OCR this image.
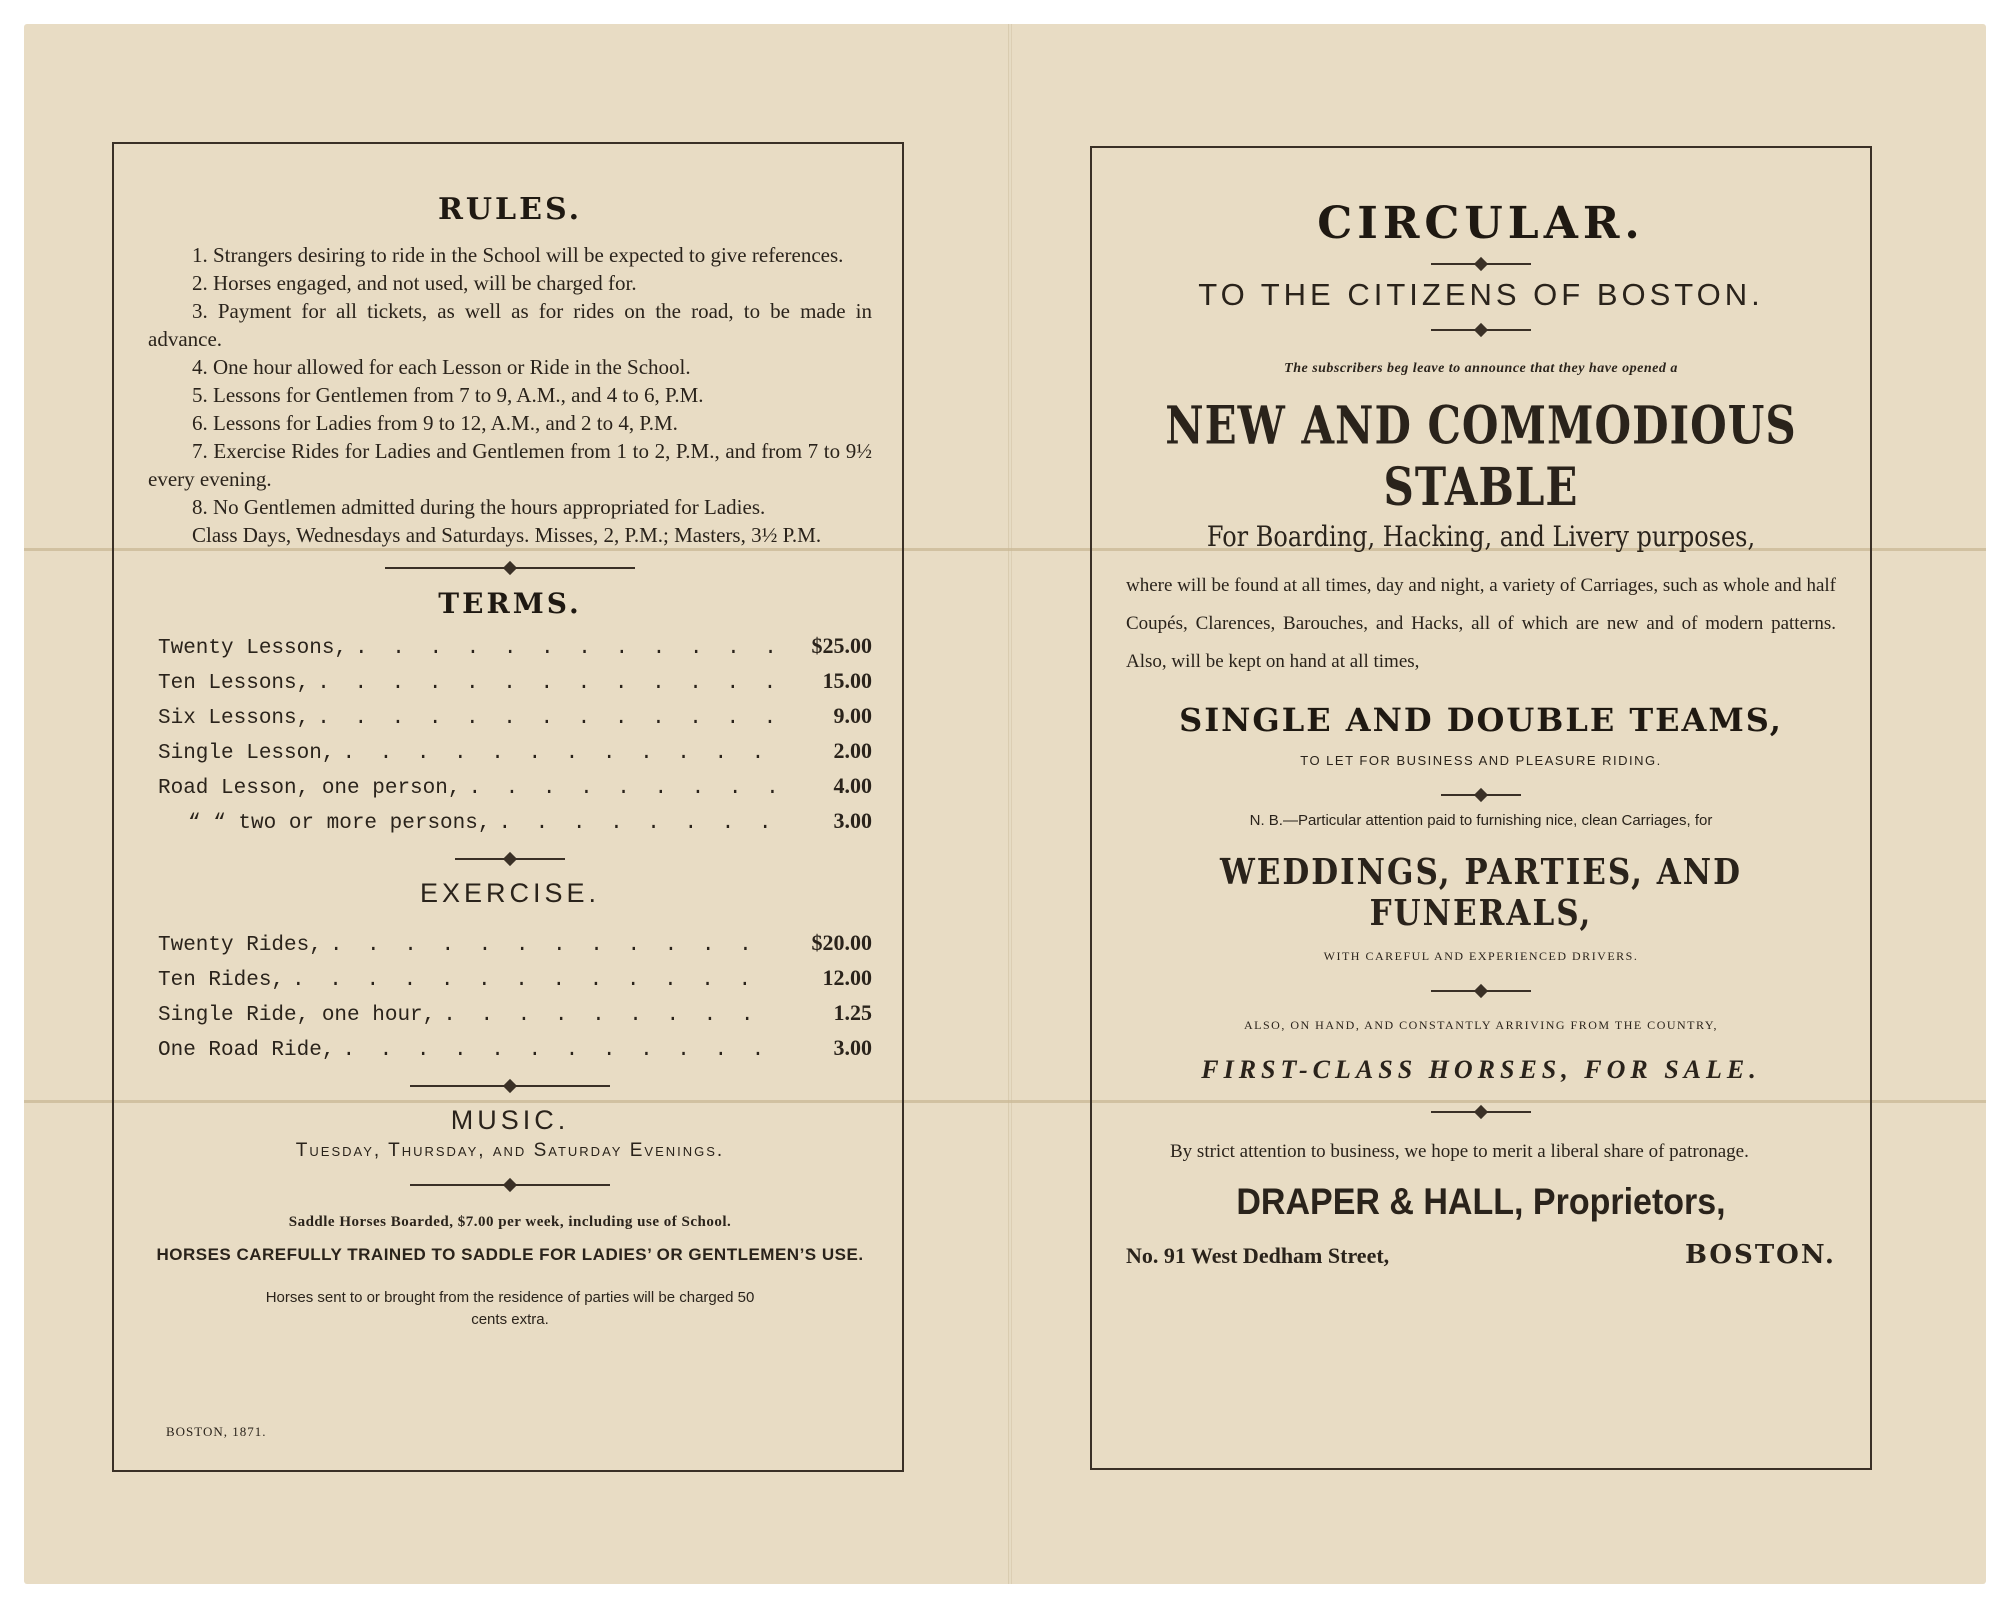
RULES.

1. Strangers desiring to ride in the School will be expected to give references.

2. Horses engaged, and not used, will be charged for.

3. Payment for all tickets, as well as for rides on the road, to be made in advance.

4. One hour allowed for each Lesson or Ride in the School.

5. Lessons for Gentlemen from 7 to 9, A.M., and 4 to 6, P.M.

6. Lessons for Ladies from 9 to 12, A.M., and 2 to 4, P.M.

7. Exercise Rides for Ladies and Gentlemen from 1 to 2, P.M., and from 7 to 9½ every evening.

8. No Gentlemen admitted during the hours appropriated for Ladies.

Class Days, Wednesdays and Saturdays. Misses, 2, P.M.; Masters, 3½ P.M.

TERMS.
Twenty Lessons, . . .	$25.00
Ten Lessons, . . .	15.00
Six Lessons, . . .	9.00
Single Lesson, . . .	2.00
Road Lesson, one person, . . .	4.00
“ “ two or more persons, . . .	3.00
EXERCISE.
Twenty Rides, . . .	$20.00
Ten Rides, . . .	12.00
Single Ride, one hour, . . .	1.25
One Road Ride, . . .	3.00
MUSIC.

Tuesday, Thursday, and Saturday Evenings.

Saddle Horses Boarded, $7.00 per week, including use of School.

HORSES CAREFULLY TRAINED TO SADDLE FOR LADIES’ OR GENTLEMEN’S USE.

Horses sent to or brought from the residence of parties will be charged 50 cents extra.

BOSTON, 1871.
CIRCULAR.
TO THE CITIZENS OF BOSTON.

The subscribers beg leave to announce that they have opened a

NEW AND COMMODIOUS STABLE
For Boarding, Hacking, and Livery purposes,

where will be found at all times, day and night, a variety of Carriages, such as whole and half Coupés, Clarences, Barouches, and Hacks, all of which are new and of modern patterns. Also, will be kept on hand at all times,

SINGLE AND DOUBLE TEAMS,

TO LET FOR BUSINESS AND PLEASURE RIDING.

N. B.—Particular attention paid to furnishing nice, clean Carriages, for

WEDDINGS, PARTIES, AND FUNERALS,

WITH CAREFUL AND EXPERIENCED DRIVERS.

ALSO, ON HAND, AND CONSTANTLY ARRIVING FROM THE COUNTRY,

FIRST-CLASS HORSES, FOR SALE.

By strict attention to business, we hope to merit a liberal share of patronage.

DRAPER & HALL, Proprietors,
No. 91 West Dedham Street,	BOSTON.
